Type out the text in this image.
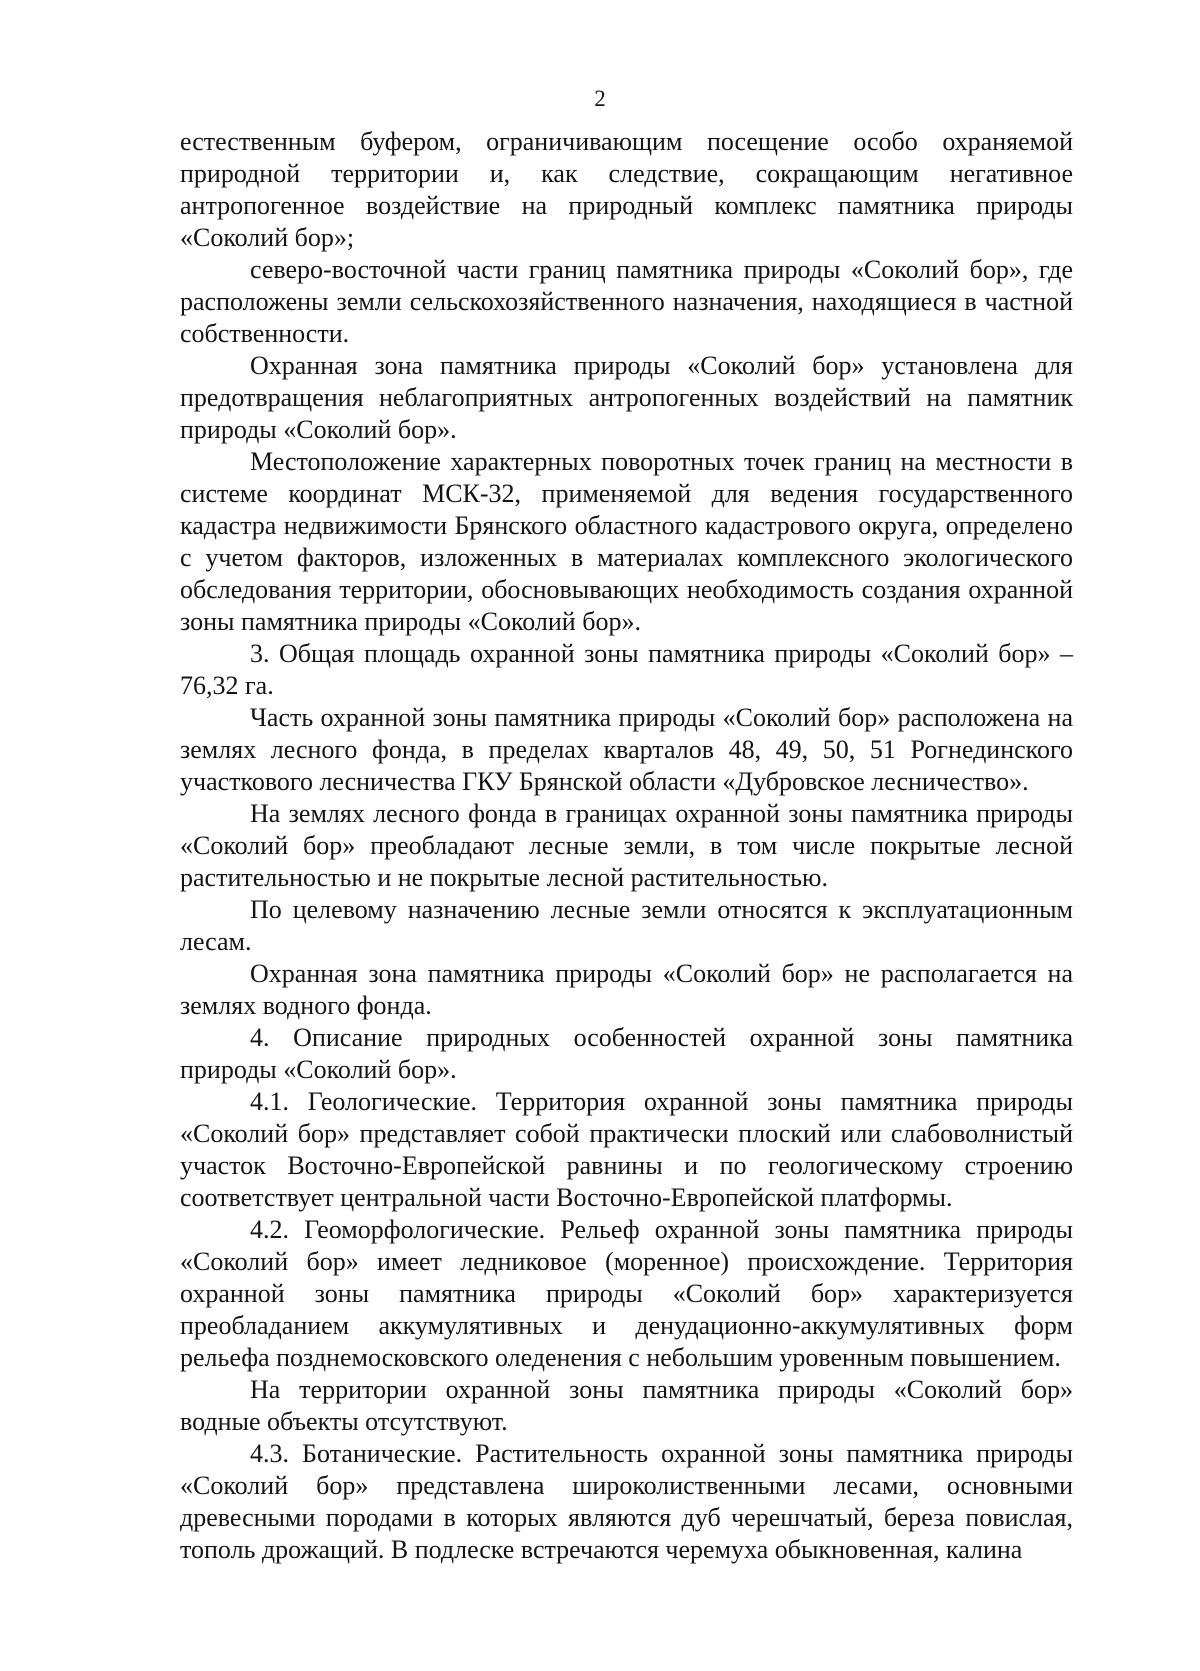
2

естественным буфером, ограничивающим посещение особо охраняемой природной территории и, как следствие, сокращающим негативное антропогенное воздействие на природный комплекс памятника природы «Соколий бор»;

северо-восточной части границ памятника природы «Соколий бор», где расположены земли сельскохозяйственного назначения, находящиеся в частной собственности.

Охранная зона памятника природы «Соколий бор» установлена для предотвращения неблагоприятных антропогенных воздействий на памятник природы «Соколий бор».

Местоположение характерных поворотных точек границ на местности в системе координат МСК-32, применяемой для ведения государственного кадастра недвижимости Брянского областного кадастрового округа, определено с учетом факторов, изложенных в материалах комплексного экологического обследования территории, обосновывающих необходимость создания охранной зоны памятника природы «Соколий бор».

3. Общая площадь охранной зоны памятника природы «Соколий бор» – 76,32 га.

Часть охранной зоны памятника природы «Соколий бор» расположена на землях лесного фонда, в пределах кварталов 48, 49, 50, 51 Рогнединского участкового лесничества ГКУ Брянской области «Дубровское лесничество».

На землях лесного фонда в границах охранной зоны памятника природы «Соколий бор» преобладают лесные земли, в том числе покрытые лесной растительностью и не покрытые лесной растительностью.

По целевому назначению лесные земли относятся к эксплуатационным лесам.

Охранная зона памятника природы «Соколий бор» не располагается на землях водного фонда.

4. Описание природных особенностей охранной зоны памятника природы «Соколий бор».

4.1. Геологические. Территория охранной зоны памятника природы «Соколий бор» представляет собой практически плоский или слабоволнистый участок Восточно-Европейской равнины и по геологическому строению соответствует центральной части Восточно-Европейской платформы.

4.2. Геоморфологические. Рельеф охранной зоны памятника природы «Соколий бор» имеет ледниковое (моренное) происхождение. Территория охранной зоны памятника природы «Соколий бор» характеризуется преобладанием аккумулятивных и денудационно-аккумулятивных форм рельефа позднемосковского оледенения с небольшим уровенным повышением.

На территории охранной зоны памятника природы «Соколий бор» водные объекты отсутствуют.

4.3. Ботанические. Растительность охранной зоны памятника природы «Соколий бор» представлена широколиственными лесами, основными древесными породами в которых являются дуб черешчатый, береза повислая, тополь дрожащий. В подлеске встречаются черемуха обыкновенная, калина
